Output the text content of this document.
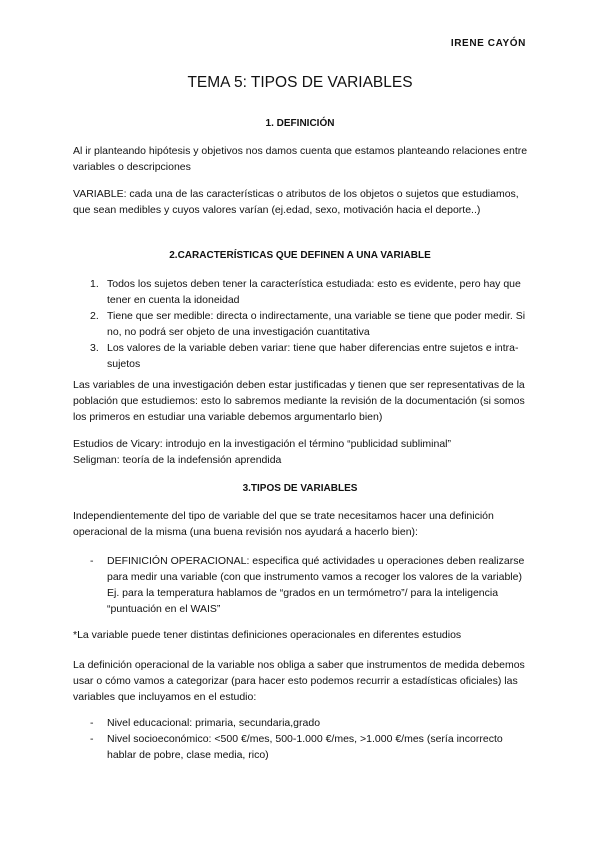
IRENE CAYÓN
TEMA 5: TIPOS DE VARIABLES
1. DEFINICIÓN

Al ir planteando hipótesis y objetivos nos damos cuenta que estamos planteando relaciones entre variables o descripciones

VARIABLE: cada una de las características o atributos de los objetos o sujetos que estudiamos, que sean medibles y cuyos valores varían (ej.edad, sexo, motivación hacia el deporte..)

2.CARACTERÍSTICAS QUE DEFINEN A UNA VARIABLE
1. Todos los sujetos deben tener la característica estudiada: esto es evidente, pero hay que tener en cuenta la idoneidad
2. Tiene que ser medible: directa o indirectamente, una variable se tiene que poder medir. Si no, no podrá ser objeto de una investigación cuantitativa
3. Los valores de la variable deben variar: tiene que haber diferencias entre sujetos e intra-sujetos

Las variables de una investigación deben estar justificadas y tienen que ser representativas de la población que estudiemos: esto lo sabremos mediante la revisión de la documentación (si somos los primeros en estudiar una variable debemos argumentarlo bien)

Estudios de Vicary: introdujo en la investigación el término “publicidad subliminal”
Seligman: teoría de la indefensión aprendida

3.TIPOS DE VARIABLES

Independientemente del tipo de variable del que se trate necesitamos hacer una definición operacional de la misma (una buena revisión nos ayudará a hacerlo bien):

- DEFINICIÓN OPERACIONAL: especifica qué actividades u operaciones deben realizarse para medir una variable (con que instrumento vamos a recoger los valores de la variable) Ej. para la temperatura hablamos de “grados en un termómetro”/ para la inteligencia “puntuación en el WAIS”

*La variable puede tener distintas definiciones operacionales en diferentes estudios

La definición operacional de la variable nos obliga a saber que instrumentos de medida debemos usar o cómo vamos a categorizar (para hacer esto podemos recurrir a estadísticas oficiales) las variables que incluyamos en el estudio:

- Nivel educacional: primaria, secundaria,grado
- Nivel socioeconómico: <500 €/mes, 500-1.000 €/mes, >1.000 €/mes (sería incorrecto hablar de pobre, clase media, rico)
